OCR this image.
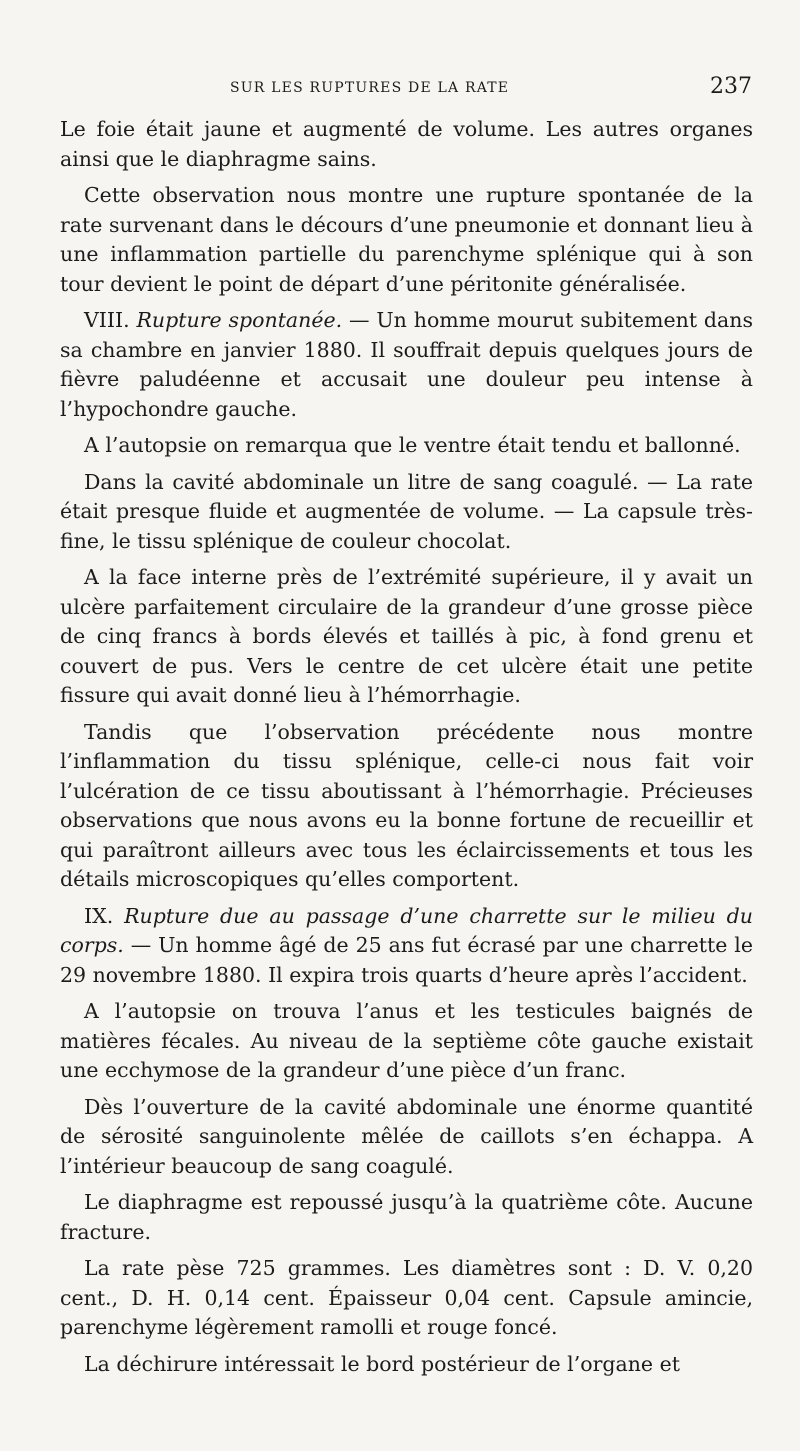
SUR LES RUPTURES DE LA RATE	237

Le foie était jaune et augmenté de volume. Les autres organes ainsi que le diaphragme sains.

Cette observation nous montre une rupture spontanée de la rate survenant dans le décours d’une pneumonie et donnant lieu à une inflammation partielle du parenchyme splénique qui à son tour devient le point de départ d’une péritonite généralisée.

VIII. Rupture spontanée. — Un homme mourut subitement dans sa chambre en janvier 1880. Il souffrait depuis quelques jours de fièvre paludéenne et accusait une douleur peu intense à l’hypochondre gauche.

A l’autopsie on remarqua que le ventre était tendu et ballonné.

Dans la cavité abdominale un litre de sang coagulé. — La rate était presque fluide et augmentée de volume. — La capsule très-fine, le tissu splénique de couleur chocolat.

A la face interne près de l’extrémité supérieure, il y avait un ulcère parfaitement circulaire de la grandeur d’une grosse pièce de cinq francs à bords élevés et taillés à pic, à fond grenu et couvert de pus. Vers le centre de cet ulcère était une petite fissure qui avait donné lieu à l’hémorrhagie.

Tandis que l’observation précédente nous montre l’inflammation du tissu splénique, celle-ci nous fait voir l’ulcération de ce tissu aboutissant à l’hémorrhagie. Précieuses observations que nous avons eu la bonne fortune de recueillir et qui paraîtront ailleurs avec tous les éclaircissements et tous les détails microscopiques qu’elles comportent.

IX. Rupture due au passage d’une charrette sur le milieu du corps. — Un homme âgé de 25 ans fut écrasé par une charrette le 29 novembre 1880. Il expira trois quarts d’heure après l’accident.

A l’autopsie on trouva l’anus et les testicules baignés de matières fécales. Au niveau de la septième côte gauche existait une ecchymose de la grandeur d’une pièce d’un franc.

Dès l’ouverture de la cavité abdominale une énorme quantité de sérosité sanguinolente mêlée de caillots s’en échappa. A l’intérieur beaucoup de sang coagulé.

Le diaphragme est repoussé jusqu’à la quatrième côte. Aucune fracture.

La rate pèse 725 grammes. Les diamètres sont : D. V. 0,20 cent., D. H. 0,14 cent. Épaisseur 0,04 cent. Capsule amincie, parenchyme légèrement ramolli et rouge foncé.

La déchirure intéressait le bord postérieur de l’organe et
